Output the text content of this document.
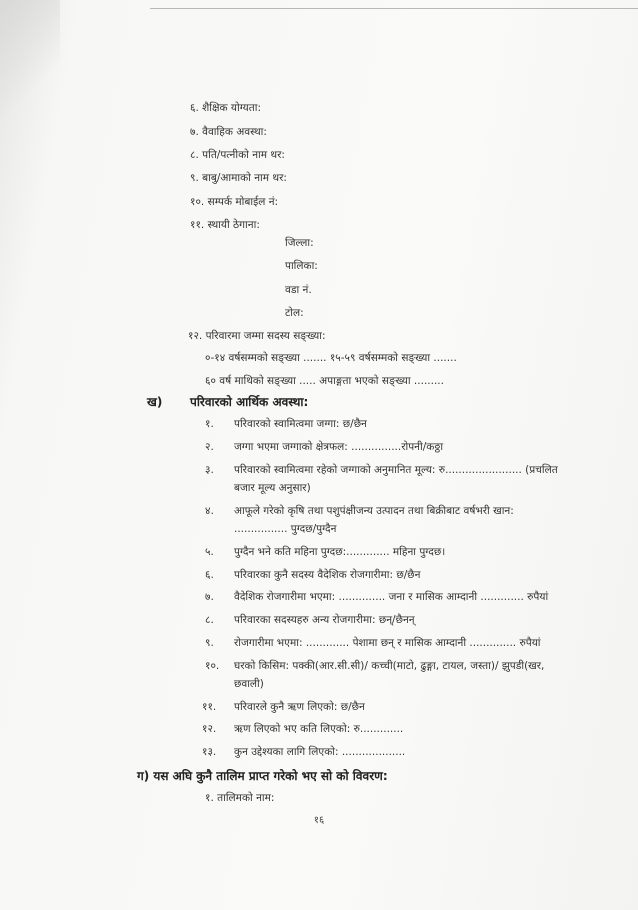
६. शैक्षिक योग्यता:
७. वैवाहिक अवस्था:
८. पति/पत्नीको नाम थर:
९. बाबु/आमाको नाम थर:
१०. सम्पर्क मोबाईल नं:
११. स्थायी ठेगाना:
जिल्ला:
पालिका:
वडा नं.
टोल:
१२. परिवारमा जम्मा सदस्य सङ्ख्या:
०-१४ वर्षसम्मको सङ्ख्या ....... १५-५९ वर्षसम्मको सङ्ख्या .......
६० वर्ष माथिको सङ्ख्या ..... अपाङ्गता भएको सङ्ख्या .........
ख) परिवारको आर्थिक अवस्था:
१. परिवारको स्वामित्वमा जग्गा: छ/छैन
२. जग्गा भएमा जग्गाको क्षेत्रफल: ...............रोपनी/कठ्ठा
३. परिवारको स्वामित्वमा रहेको जग्गाको अनुमानित मूल्य: रु....................... (प्रचलित
बजार मूल्य अनुसार)
४. आफूले गरेको कृषि तथा पशुपंक्षीजन्य उत्पादन तथा बिक्रीबाट वर्षभरी खान:
................ पुग्दछ/पुग्दैन
५. पुग्दैन भने कति महिना पुग्दछ:............. महिना पुग्दछ।
६. परिवारका कुनै सदस्य वैदेशिक रोजगारीमा: छ/छैन
७. वैदेशिक रोजगारीमा भएमा: .............. जना र मासिक आम्दानी ............. रुपैयां
८. परिवारका सदस्यहरु अन्य रोजगारीमा: छन्/छैनन्
९. रोजगारीमा भएमा: ............. पेशामा छन् र मासिक आम्दानी .............. रुपैयां
१०. घरको किसिम: पक्की(आर.सी.सी)/ कच्ची(माटो, ढुङ्गा, टायल, जस्ता)/ झुपडी(खर,
छवाली)
११. परिवारले कुनै ऋण लिएको: छ/छैन
१२. ऋण लिएको भए कति लिएको: रु.............
१३. कुन उद्देश्यका लागि लिएको: ...................
ग) यस अघि कुनै तालिम प्राप्त गरेको भए सो को विवरण:
१. तालिमको नाम:
१६
